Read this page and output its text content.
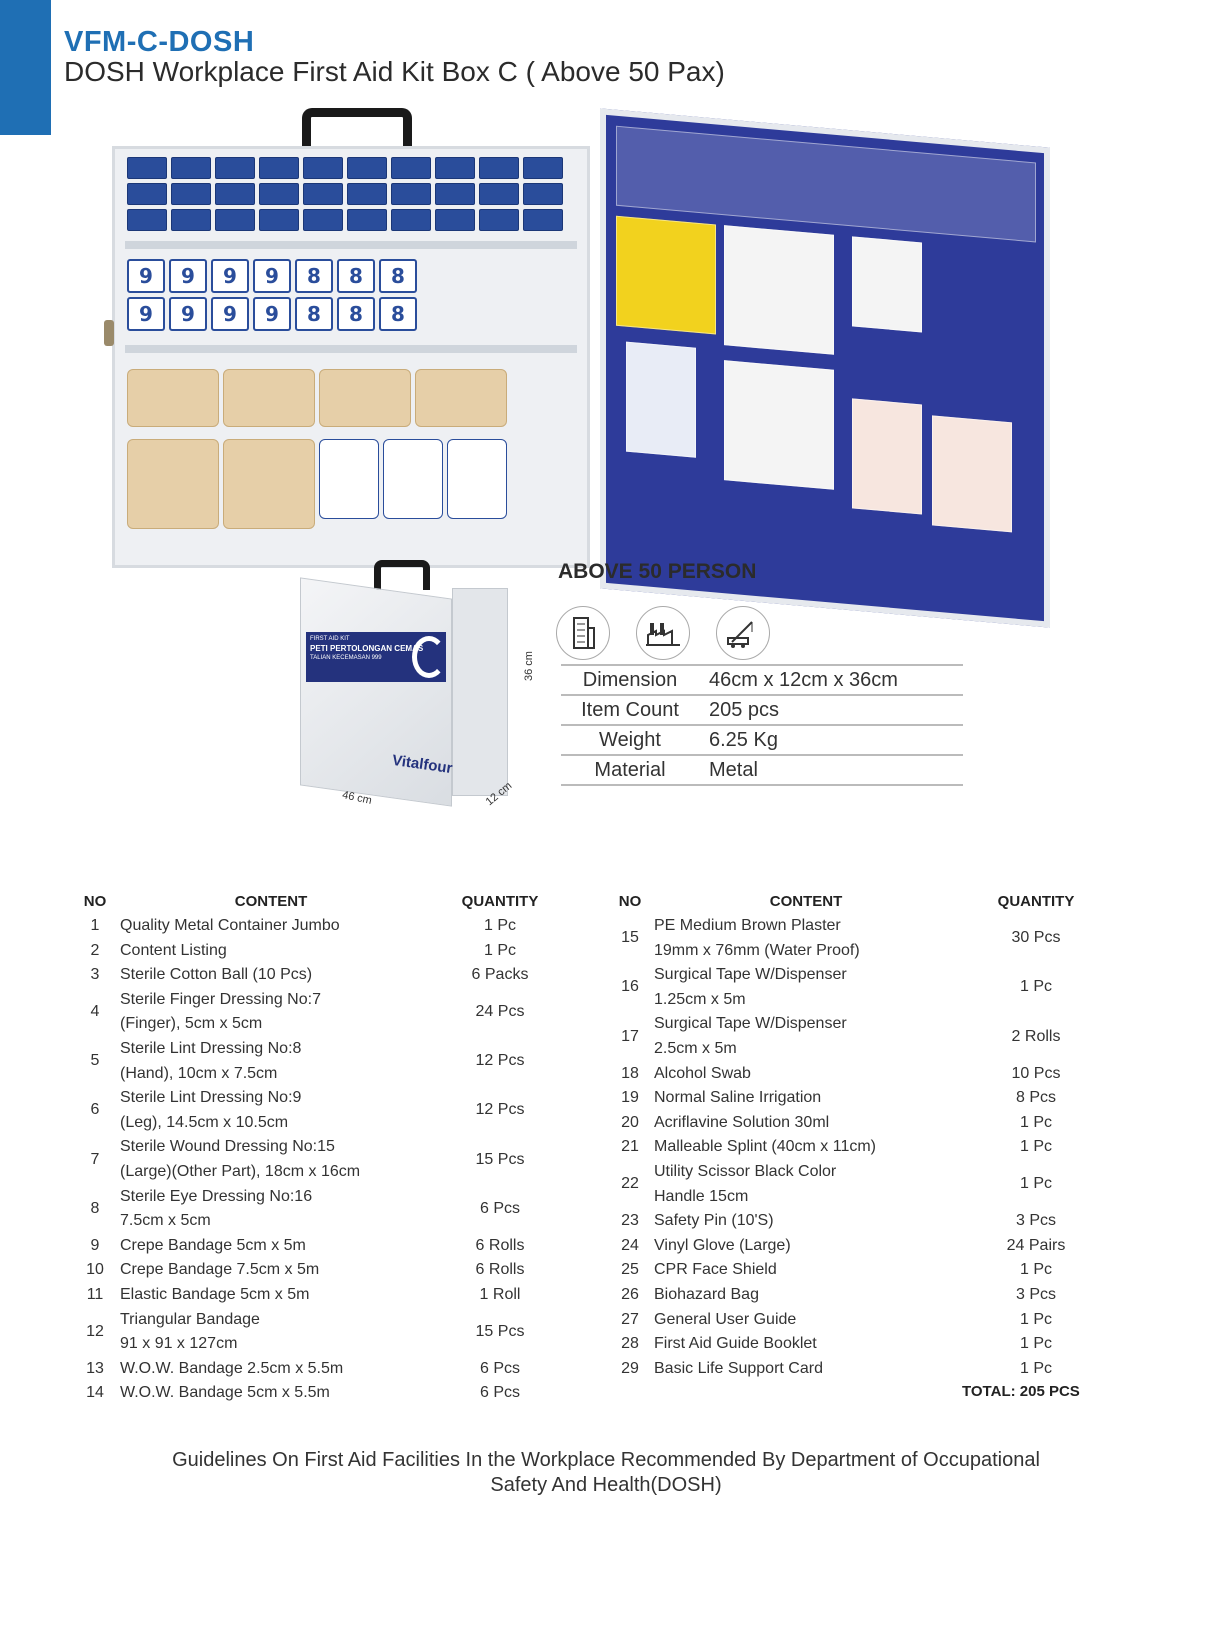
VFM-C-DOSH
DOSH Workplace First Aid Kit Box C ( Above 50 Pax)
9	9	9	9	8	8	8
9	9	9	9	8	8	8
FIRST AID KIT
PETI PERTOLONGAN CEMAS
TALIAN KECEMASAN 999
Vitalfour
46 cm	12 cm
36 cm
ABOVE 50 PERSON
Dimension	46cm x 12cm x 36cm
Item Count	205 pcs
Weight	6.25 Kg
Material	Metal
NO	CONTENT	QUANTITY
1	Quality Metal Container Jumbo	1 Pc
2	Content Listing	1 Pc
3	Sterile Cotton Ball (10 Pcs)	6 Packs
4	Sterile Finger Dressing No:7
(Finger), 5cm x 5cm	24 Pcs
5	Sterile Lint Dressing No:8
(Hand), 10cm x 7.5cm	12 Pcs
6	Sterile Lint Dressing No:9
(Leg), 14.5cm x 10.5cm	12 Pcs
7	Sterile Wound Dressing No:15
(Large)(Other Part), 18cm x 16cm	15 Pcs
8	Sterile Eye Dressing No:16
7.5cm x 5cm	6 Pcs
9	Crepe Bandage 5cm x 5m	6 Rolls
10	Crepe Bandage 7.5cm x 5m	6 Rolls
11	Elastic Bandage 5cm x 5m	1 Roll
12	Triangular Bandage
91 x 91 x 127cm	15 Pcs
13	W.O.W. Bandage 2.5cm x 5.5m	6 Pcs
14	W.O.W. Bandage 5cm x 5.5m	6 Pcs
NO	CONTENT	QUANTITY
15	PE Medium Brown Plaster
19mm x 76mm (Water Proof)	30 Pcs
16	Surgical Tape W/Dispenser
1.25cm x 5m	1 Pc
17	Surgical Tape W/Dispenser
2.5cm x 5m	2 Rolls
18	Alcohol Swab	10 Pcs
19	Normal Saline Irrigation	8 Pcs
20	Acriflavine Solution 30ml	1 Pc
21	Malleable Splint (40cm x 11cm)	1 Pc
22	Utility Scissor Black Color
Handle 15cm	1 Pc
23	Safety Pin (10'S)	3 Pcs
24	Vinyl Glove (Large)	24 Pairs
25	CPR Face Shield	1 Pc
26	Biohazard Bag	3 Pcs
27	General User Guide	1 Pc
28	First Aid Guide Booklet	1 Pc
29	Basic Life Support Card	1 Pc
TOTAL: 205 PCS
Guidelines On First Aid Facilities In the Workplace Recommended By Department of Occupational
Safety And Health(DOSH)
